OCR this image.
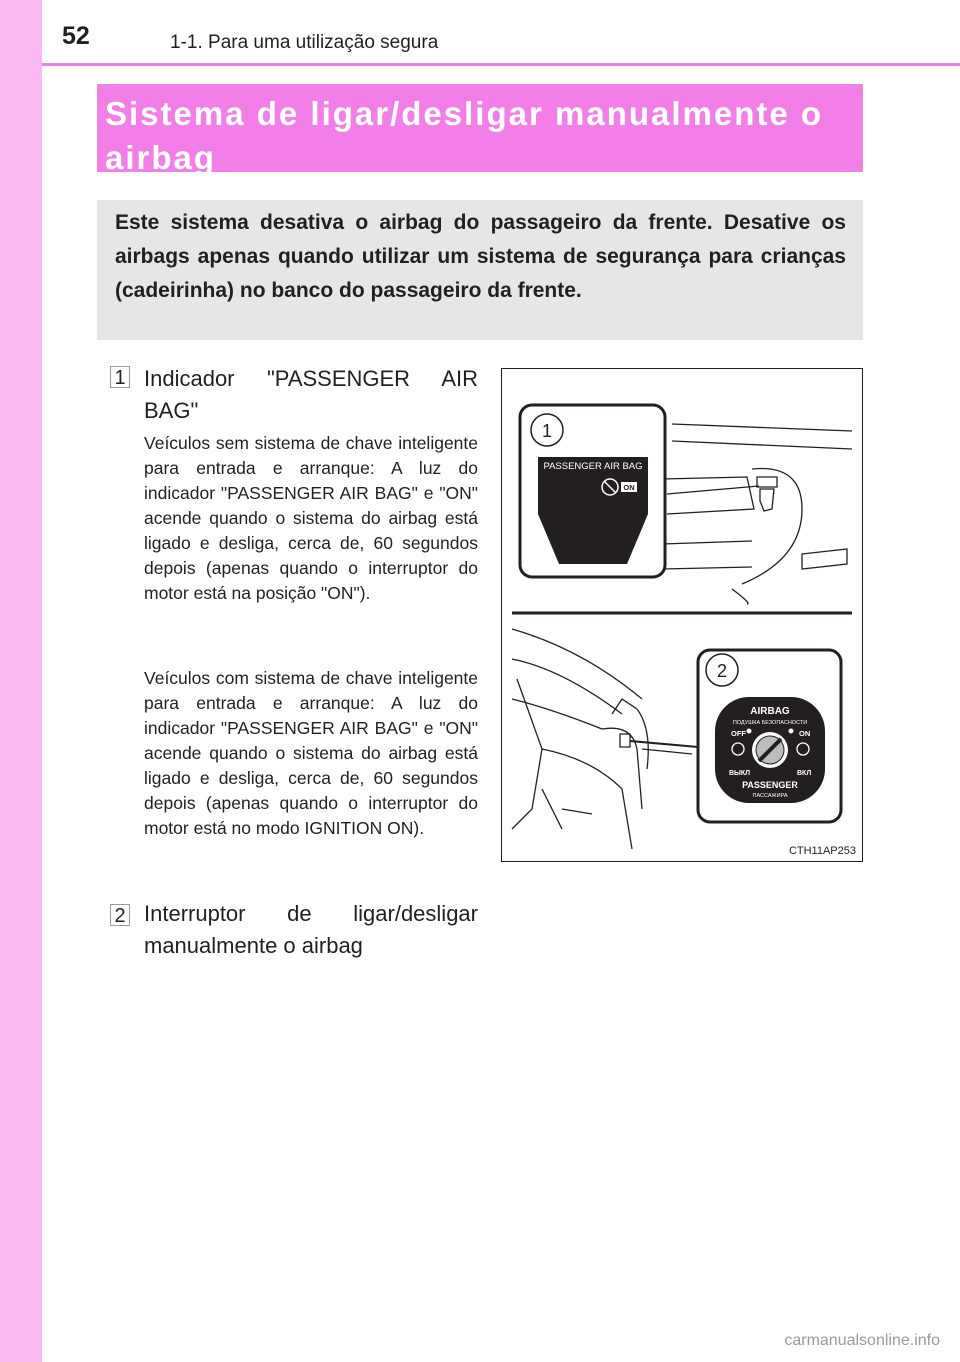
52	1-1. Para uma utilização segura

Sistema de ligar/desligar manualmente o airbag

Este sistema desativa o airbag do passageiro da frente. Desative os airbags apenas quando utilizar um sistema de segurança para crianças (cadeirinha) no banco do passageiro da frente.

1 Indicador "PASSENGER AIR BAG"

Veículos sem sistema de chave inteligente para entrada e arranque: A luz do indicador "PASSENGER AIR BAG" e "ON" acende quando o sistema do airbag está ligado e desliga, cerca de, 60 segundos depois (apenas quando o interruptor do motor está na posição "ON").

Veículos com sistema de chave inteligente para entrada e arranque: A luz do indicador "PASSENGER AIR BAG" e "ON" acende quando o sistema do airbag está ligado e desliga, cerca de, 60 segundos depois (apenas quando o interruptor do motor está no modo IGNITION ON).

2 Interruptor de ligar/desligar manualmente o airbag

1
PASSENGER AIR BAG
ON
2
AIRBAG
ПОДУШКА БЕЗОПАСНОСТИ
OFF	ON
ВЫКЛ	ВКЛ
PASSENGER
ПАССАЖИРА
CTH11AP253
carmanualsonline.info
